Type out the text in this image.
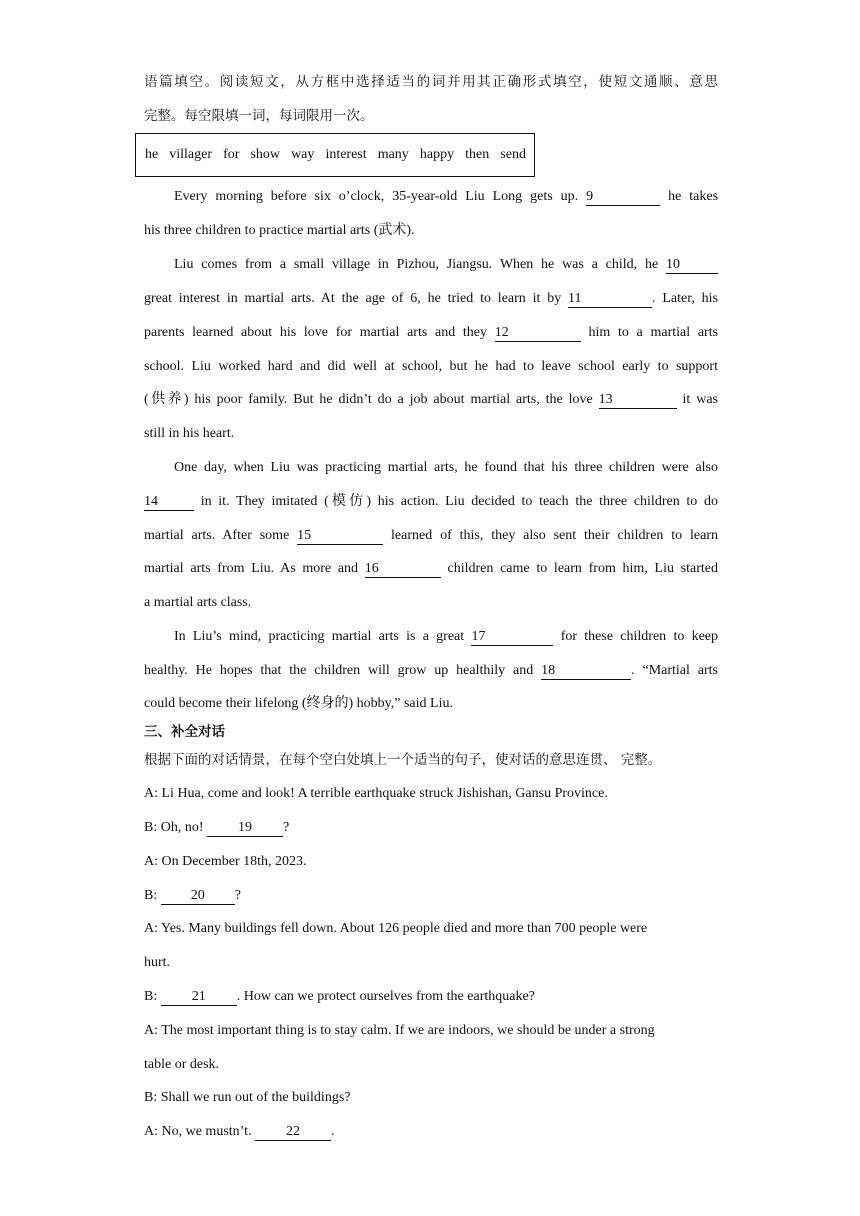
语篇填空。阅读短文，从方框中选择适当的词并用其正确形式填空，使短文通顺、意思
完整。每空限填一词，每词限用一次。
he villager for show way interest many happy then send
Every morning before six o’clock, 35-year-old Liu Long gets up. 9	he takes
his three children to practice martial arts (武术).
Liu comes from a small village in Pizhou, Jiangsu. When he was a child, he 10
great interest in martial arts. At the age of 6, he tried to learn it by 11	. Later, his
parents learned about his love for martial arts and they 12	him to a martial arts
school. Liu worked hard and did well at school, but he had to leave school early to support
(供养) his poor family. But he didn’t do a job about martial arts, the love 13	it was
still in his heart.
One day, when Liu was practicing martial arts, he found that his three children were also
14	in it. They imitated (模仿) his action. Liu decided to teach the three children to do
martial arts. After some 15	learned of this, they also sent their children to learn
martial arts from Liu. As more and 16	children came to learn from him, Liu started
a martial arts class.
In Liu’s mind, practicing martial arts is a great 17	for these children to keep
healthy. He hopes that the children will grow up healthily and 18	. “Martial arts
could become their lifelong (终身的) hobby,” said Liu.
三、补全对话
根据下面的对话情景，在每个空白处填上一个适当的句子，使对话的意思连贯、 完整。
A: Li Hua, come and look! A terrible earthquake struck Jishishan, Gansu Province.
B: Oh, no! 19 ?
A: On December 18th, 2023.
B: 20 ?
A: Yes. Many buildings fell down. About 126 people died and more than 700 people were
hurt.
B: 21 . How can we protect ourselves from the earthquake?
A: The most important thing is to stay calm. If we are indoors, we should be under a strong
table or desk.
B: Shall we run out of the buildings?
A: No, we mustn’t. 22 .
